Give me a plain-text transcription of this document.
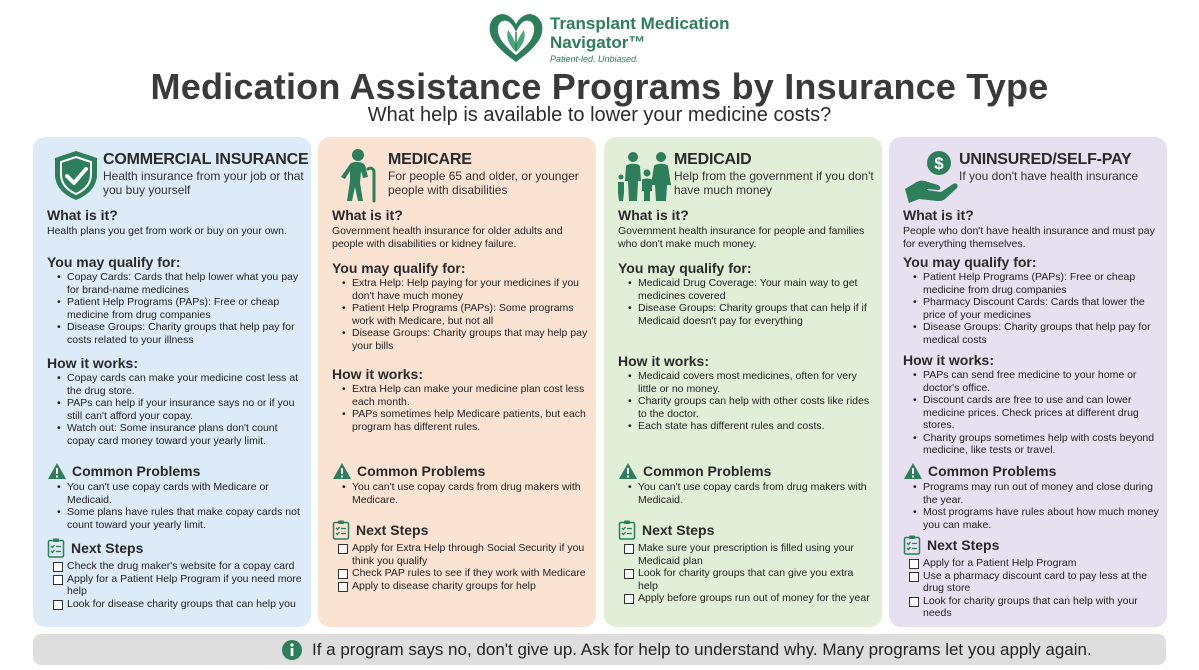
Transplant Medication
Navigator™
Patient-led. Unbiased.
Medication Assistance Programs by Insurance Type
What help is available to lower your medicine costs?
COMMERCIAL INSURANCE
Health insurance from your job or that you buy yourself
What is it?
Health plans you get from work or buy on your own.
You may qualify for:
• Copay Cards: Cards that help lower what you pay for brand-name medicines
• Patient Help Programs (PAPs): Free or cheap medicine from drug companies
• Disease Groups: Charity groups that help pay for costs related to your illness
How it works:
• Copay cards can make your medicine cost less at the drug store.
• PAPs can help if your insurance says no or if you still can't afford your copay.
• Watch out: Some insurance plans don't count copay card money toward your yearly limit.
Common Problems
• You can't use copay cards with Medicare or Medicaid.
• Some plans have rules that make copay cards not count toward your yearly limit.
Next Steps
Check the drug maker's website for a copay card
Apply for a Patient Help Program if you need more help
Look for disease charity groups that can help you
MEDICARE
For people 65 and older, or younger people with disabilities
What is it?
Government health insurance for older adults and people with disabilities or kidney failure.
You may qualify for:
• Extra Help: Help paying for your medicines if you don't have much money
• Patient Help Programs (PAPs): Some programs work with Medicare, but not all
• Disease Groups: Charity groups that may help pay your bills
How it works:
• Extra Help can make your medicine plan cost less each month.
• PAPs sometimes help Medicare patients, but each program has different rules.
Common Problems
• You can't use copay cards from drug makers with Medicare.
Next Steps
Apply for Extra Help through Social Security if you think you qualify
Check PAP rules to see if they work with Medicare
Apply to disease charity groups for help
MEDICAID
Help from the government if you don't have much money
What is it?
Government health insurance for people and families who don't make much money.
You may qualify for:
• Medicaid Drug Coverage: Your main way to get medicines covered
• Disease Groups: Charity groups that can help if if Medicaid doesn't pay for everything
How it works:
• Medicaid covers most medicines, often for very little or no money.
• Charity groups can help with other costs like rides to the doctor.
• Each state has different rules and costs.
Common Problems
• You can't use copay cards from drug makers with Medicaid.
Next Steps
Make sure your prescription is filled using your Medicaid plan
Look for charity groups that can give you extra help
Apply before groups run out of money for the year
$ UNINSURED/SELF-PAY
If you don't have health insurance
What is it?
People who don't have health insurance and must pay for everything themselves.
You may qualify for:
• Patient Help Programs (PAPs): Free or cheap medicine from drug companies
• Pharmacy Discount Cards: Cards that lower the price of your medicines
• Disease Groups: Charity groups that help pay for medical costs
How it works:
• PAPs can send free medicine to your home or doctor's office.
• Discount cards are free to use and can lower medicine prices. Check prices at different drug stores.
• Charity groups sometimes help with costs beyond medicine, like tests or travel.
Common Problems
• Programs may run out of money and close during the year.
• Most programs have rules about how much money you can make.
Next Steps
Apply for a Patient Help Program
Use a pharmacy discount card to pay less at the drug store
Look for charity groups that can help with your needs
If a program says no, don't give up. Ask for help to understand why. Many programs let you apply again.
